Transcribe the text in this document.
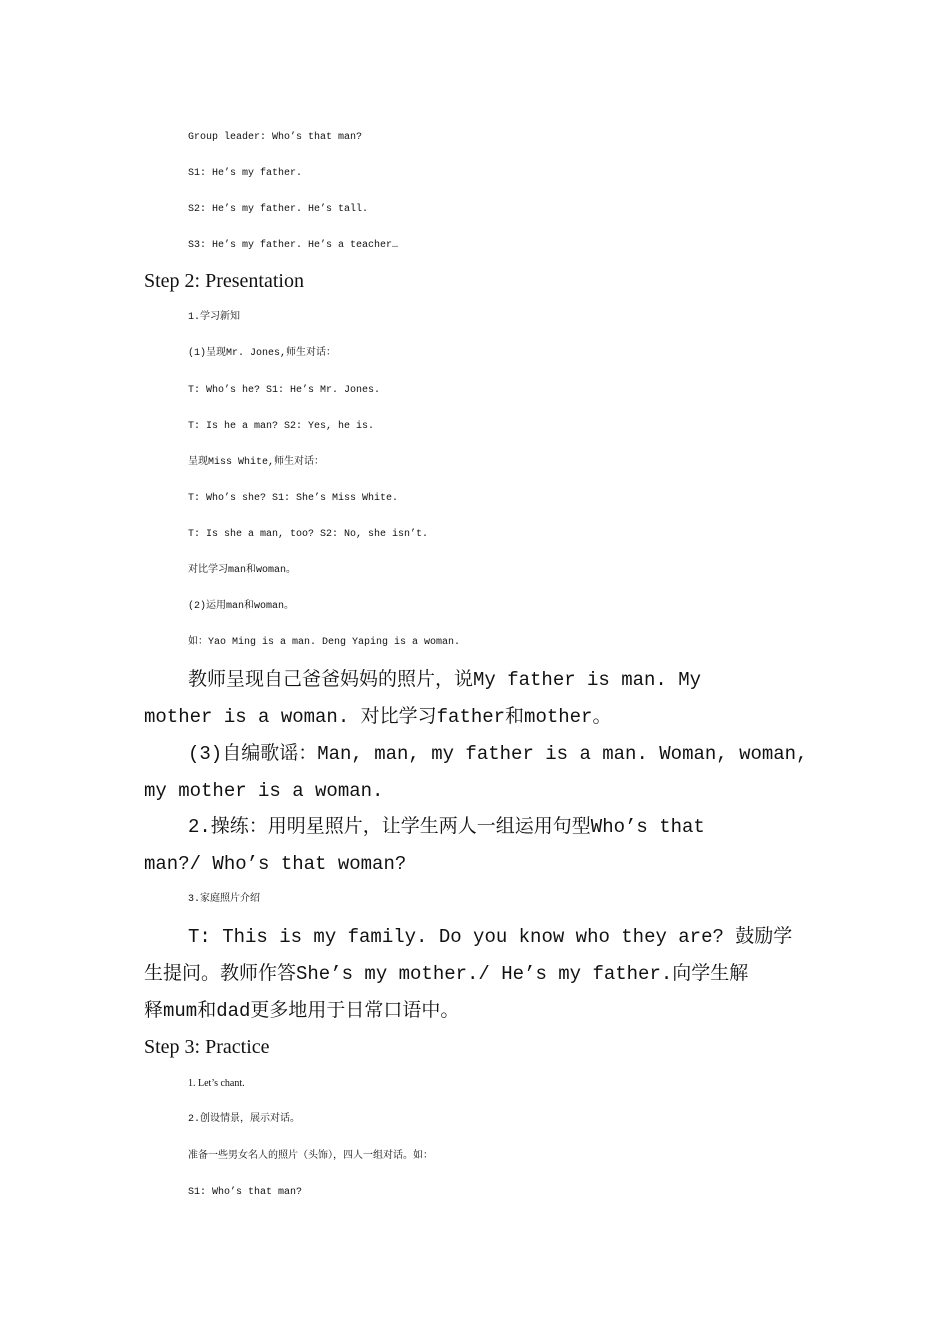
Group leader: Who’s that man?
S1: He’s my father.
S2: He’s my father. He’s tall.
S3: He’s my father. He’s a teacher…
Step 2: Presentation
1.学习新知
(1)呈现Mr. Jones,师生对话：
T: Who’s he? S1: He’s Mr. Jones.
T: Is he a man? S2: Yes, he is.
呈现Miss White,师生对话：
T: Who’s she? S1: She’s Miss White.
T: Is she a man, too? S2: No, she isn’t.
对比学习man和woman。
(2)运用man和woman。
如：Yao Ming is a man. Deng Yaping is a woman.
教师呈现自己爸爸妈妈的照片，说My father is man. My
mother is a woman. 对比学习father和mother。
(3)自编歌谣：Man, man, my father is a man. Woman, woman,
my mother is a woman.
2.操练：用明星照片，让学生两人一组运用句型Who’s that
man?/ Who’s that woman?
3.家庭照片介绍
T: This is my family. Do you know who they are? 鼓励学
生提问。教师作答She’s my mother./ He’s my father.向学生解
释mum和dad更多地用于日常口语中。
Step 3: Practice
1. Let’s chant.
2.创设情景，展示对话。
准备一些男女名人的照片（头饰），四人一组对话。如：
S1: Who’s that man?
